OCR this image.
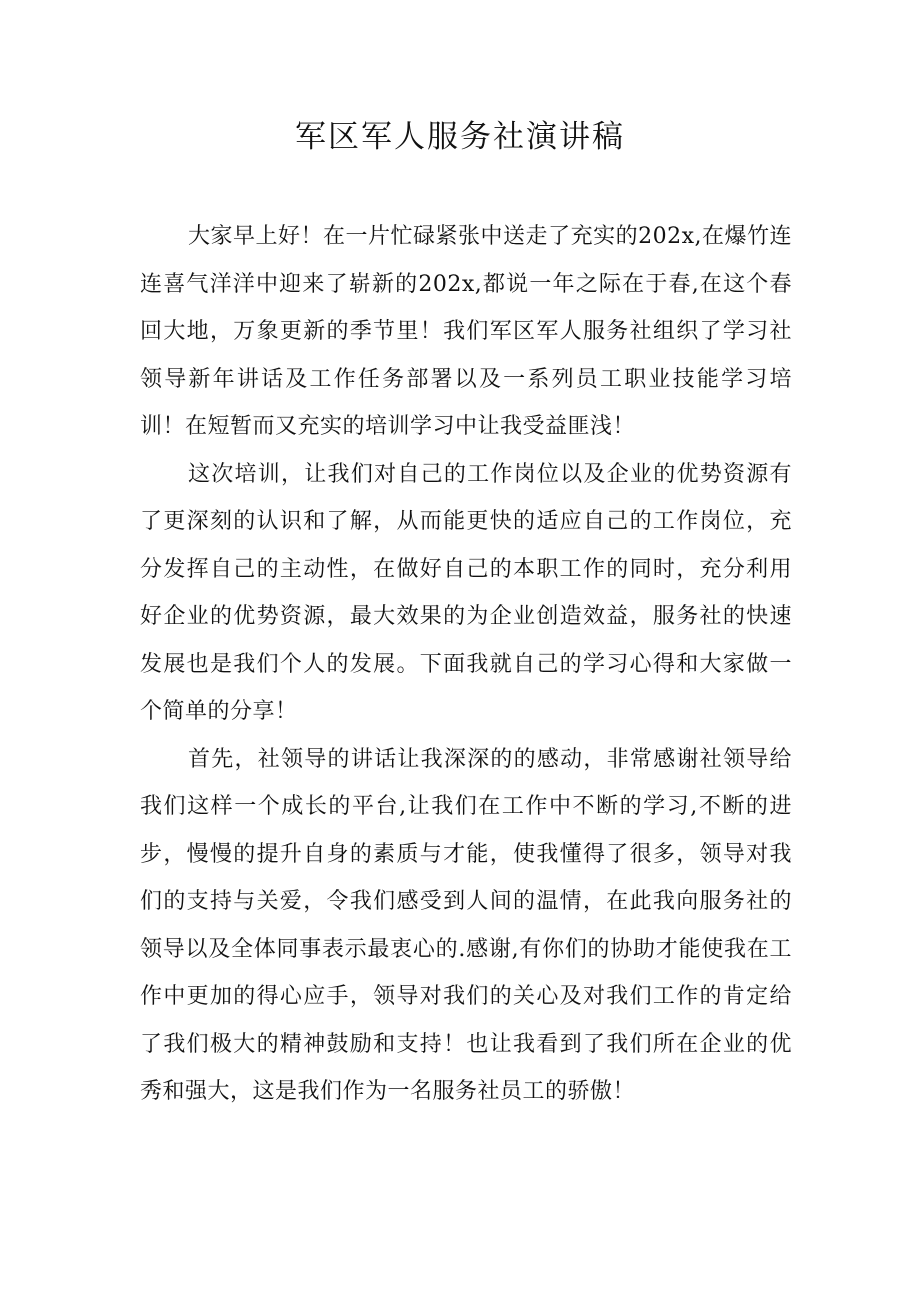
军区军人服务社演讲稿

大家早上好！在一片忙碌紧张中送走了充实的202x,在爆竹连连喜气洋洋中迎来了崭新的202x,都说一年之际在于春,在这个春回大地，万象更新的季节里！我们军区军人服务社组织了学习社领导新年讲话及工作任务部署以及一系列员工职业技能学习培训！在短暂而又充实的培训学习中让我受益匪浅！

这次培训，让我们对自己的工作岗位以及企业的优势资源有了更深刻的认识和了解，从而能更快的适应自己的工作岗位，充分发挥自己的主动性，在做好自己的本职工作的同时，充分利用好企业的优势资源，最大效果的为企业创造效益，服务社的快速发展也是我们个人的发展。下面我就自己的学习心得和大家做一个简单的分享！

首先，社领导的讲话让我深深的的感动，非常感谢社领导给我们这样一个成长的平台,让我们在工作中不断的学习,不断的进步，慢慢的提升自身的素质与才能，使我懂得了很多，领导对我们的支持与关爱，令我们感受到人间的温情，在此我向服务社的领导以及全体同事表示最衷心的.感谢,有你们的协助才能使我在工作中更加的得心应手，领导对我们的关心及对我们工作的肯定给了我们极大的精神鼓励和支持！也让我看到了我们所在企业的优秀和强大，这是我们作为一名服务社员工的骄傲！
